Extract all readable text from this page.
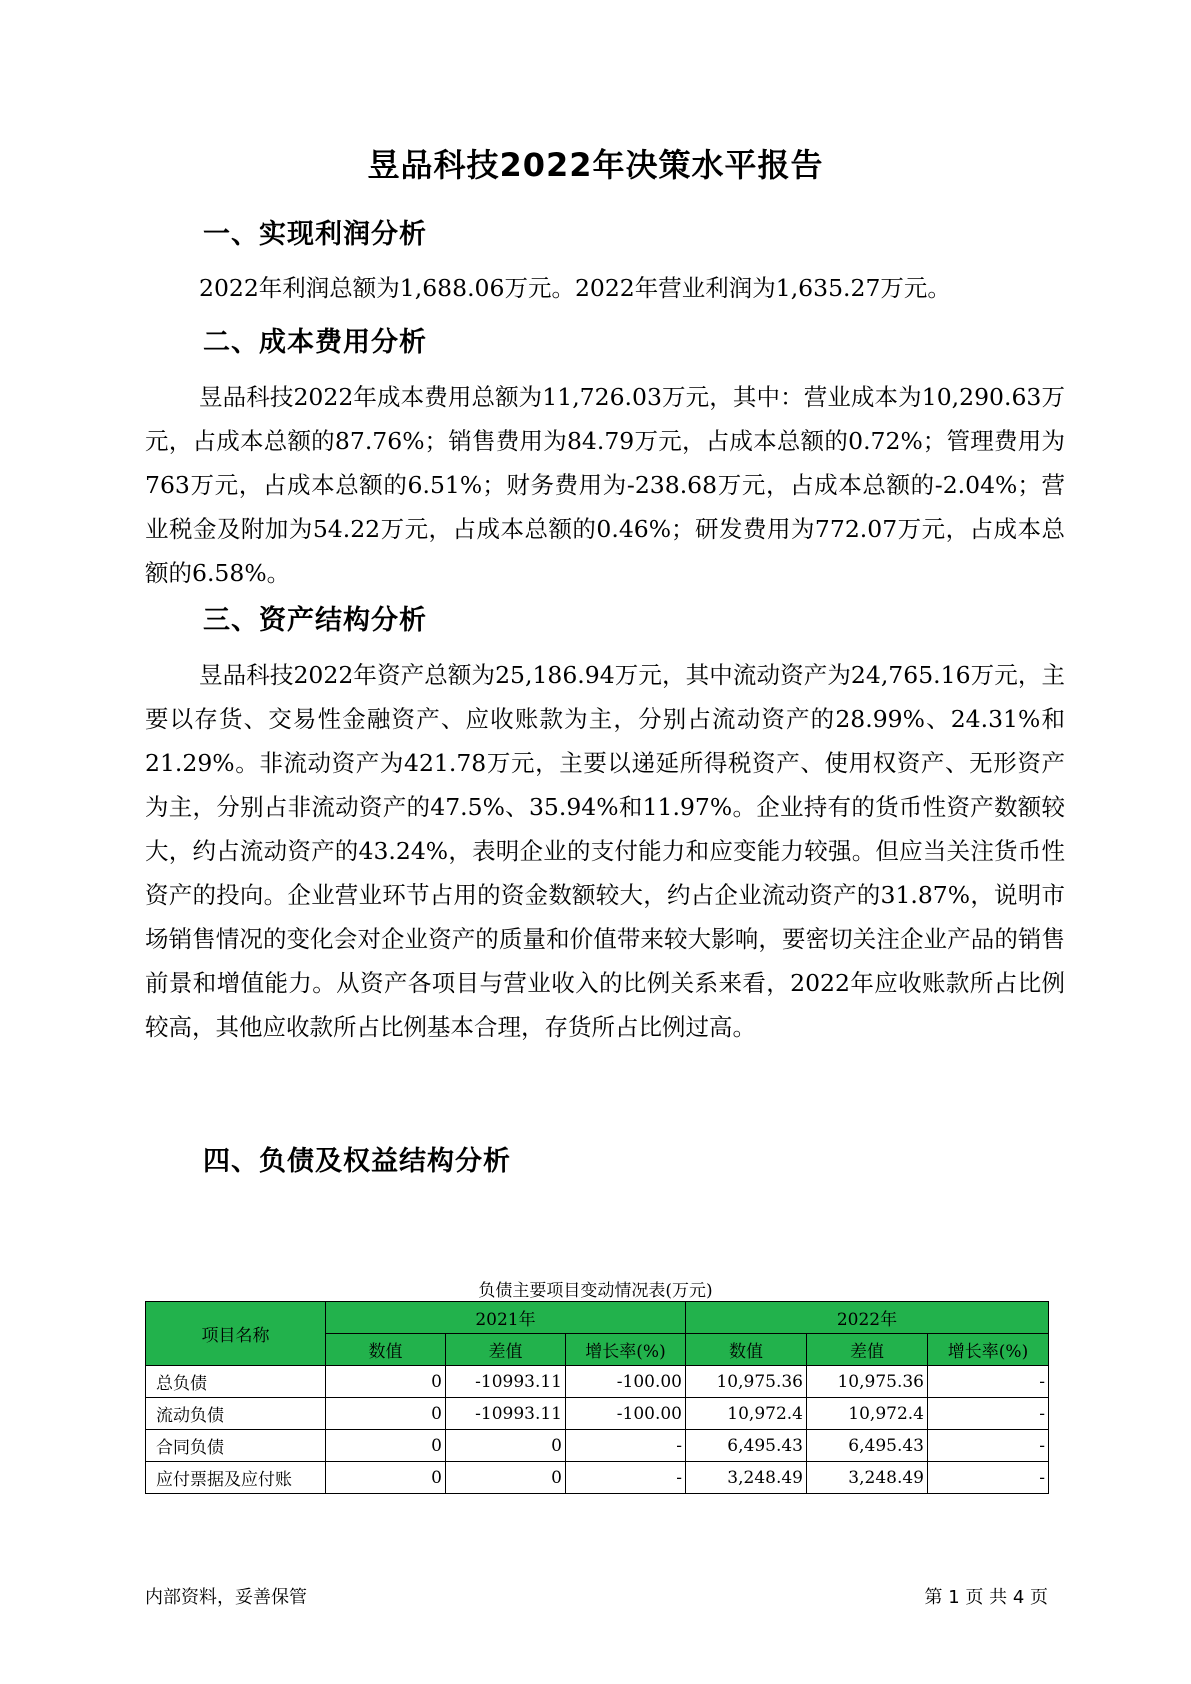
昱品科技2022年决策水平报告
一、实现利润分析

2022年利润总额为1,688.06万元。2022年营业利润为1,635.27万元。

二、成本费用分析

昱品科技2022年成本费用总额为11,726.03万元，其中：营业成本为10,290.63万元，占成本总额的87.76%；销售费用为84.79万元，占成本总额的0.72%；管理费用为763万元，占成本总额的6.51%；财务费用为-238.68万元，占成本总额的-2.04%；营业税金及附加为54.22万元，占成本总额的0.46%；研发费用为772.07万元，占成本总额的6.58%。

三、资产结构分析

昱品科技2022年资产总额为25,186.94万元，其中流动资产为24,765.16万元，主要以存货、交易性金融资产、应收账款为主，分别占流动资产的28.99%、24.31%和21.29%。非流动资产为421.78万元，主要以递延所得税资产、使用权资产、无形资产为主，分别占非流动资产的47.5%、35.94%和11.97%。企业持有的货币性资产数额较大，约占流动资产的43.24%，表明企业的支付能力和应变能力较强。但应当关注货币性资产的投向。企业营业环节占用的资金数额较大，约占企业流动资产的31.87%，说明市场销售情况的变化会对企业资产的质量和价值带来较大影响，要密切关注企业产品的销售前景和增值能力。从资产各项目与营业收入的比例关系来看，2022年应收账款所占比例较高，其他应收款所占比例基本合理，存货所占比例过高。

四、负债及权益结构分析
负债主要项目变动情况表(万元)
项目名称	2021年			2022年		
	数值	差值	增长率(%)	数值	差值	增长率(%)
总负债	0	-10993.11	-100.00	10,975.36	10,975.36	-
流动负债	0	-10993.11	-100.00	10,972.4	10,972.4	-
合同负债	0	0	-	6,495.43	6,495.43	-
应付票据及应付账	0	0	-	3,248.49	3,248.49	-
内部资料，妥善保管	第 1 页 共 4 页
